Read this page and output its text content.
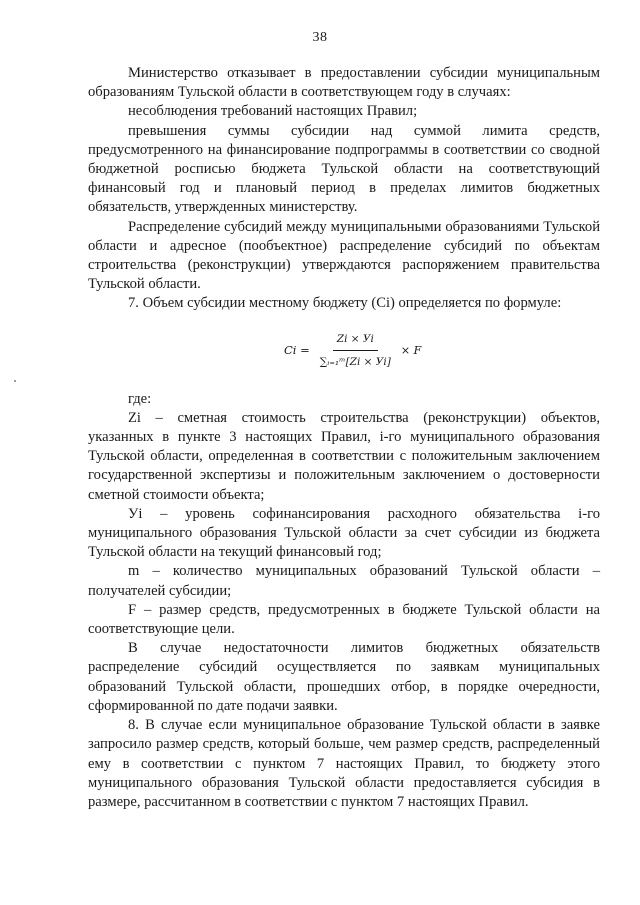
38

Министерство отказывает в предоставлении субсидии муниципальным образованиям Тульской области в соответствующем году в случаях:

несоблюдения требований настоящих Правил;

превышения суммы субсидии над суммой лимита средств, предусмотренного на финансирование подпрограммы в соответствии со сводной бюджетной росписью бюджета Тульской области на соответствующий финансовый год и плановый период в пределах лимитов бюджетных обязательств, утвержденных министерству.

Распределение субсидий между муниципальными образованиями Тульской области и адресное (пообъектное) распределение субсидий по объектам строительства (реконструкции) утверждаются распоряжением правительства Тульской области.

7. Объем субсидии местному бюджету (Ci) определяется по формуле:

$Ci = \frac{Zi \times Уi}{\text{∑ᵢ₌₁ᵐ[Zi × Уi]}} \times F$

где:

Zi – сметная стоимость строительства (реконструкции) объектов, указанных в пункте 3 настоящих Правил, i-го муниципального образования Тульской области, определенная в соответствии с положительным заключением государственной экспертизы и положительным заключением о достоверности сметной стоимости объекта;

Уi – уровень софинансирования расходного обязательства i-го муниципального образования Тульской области за счет субсидии из бюджета Тульской области на текущий финансовый год;

m – количество муниципальных образований Тульской области – получателей субсидии;

F – размер средств, предусмотренных в бюджете Тульской области на соответствующие цели.

В случае недостаточности лимитов бюджетных обязательств распределение субсидий осуществляется по заявкам муниципальных образований Тульской области, прошедших отбор, в порядке очередности, сформированной по дате подачи заявки.

8. В случае если муниципальное образование Тульской области в заявке запросило размер средств, который больше, чем размер средств, распределенный ему в соответствии с пунктом 7 настоящих Правил, то бюджету этого муниципального образования Тульской области предоставляется субсидия в размере, рассчитанном в соответствии с пунктом 7 настоящих Правил.
